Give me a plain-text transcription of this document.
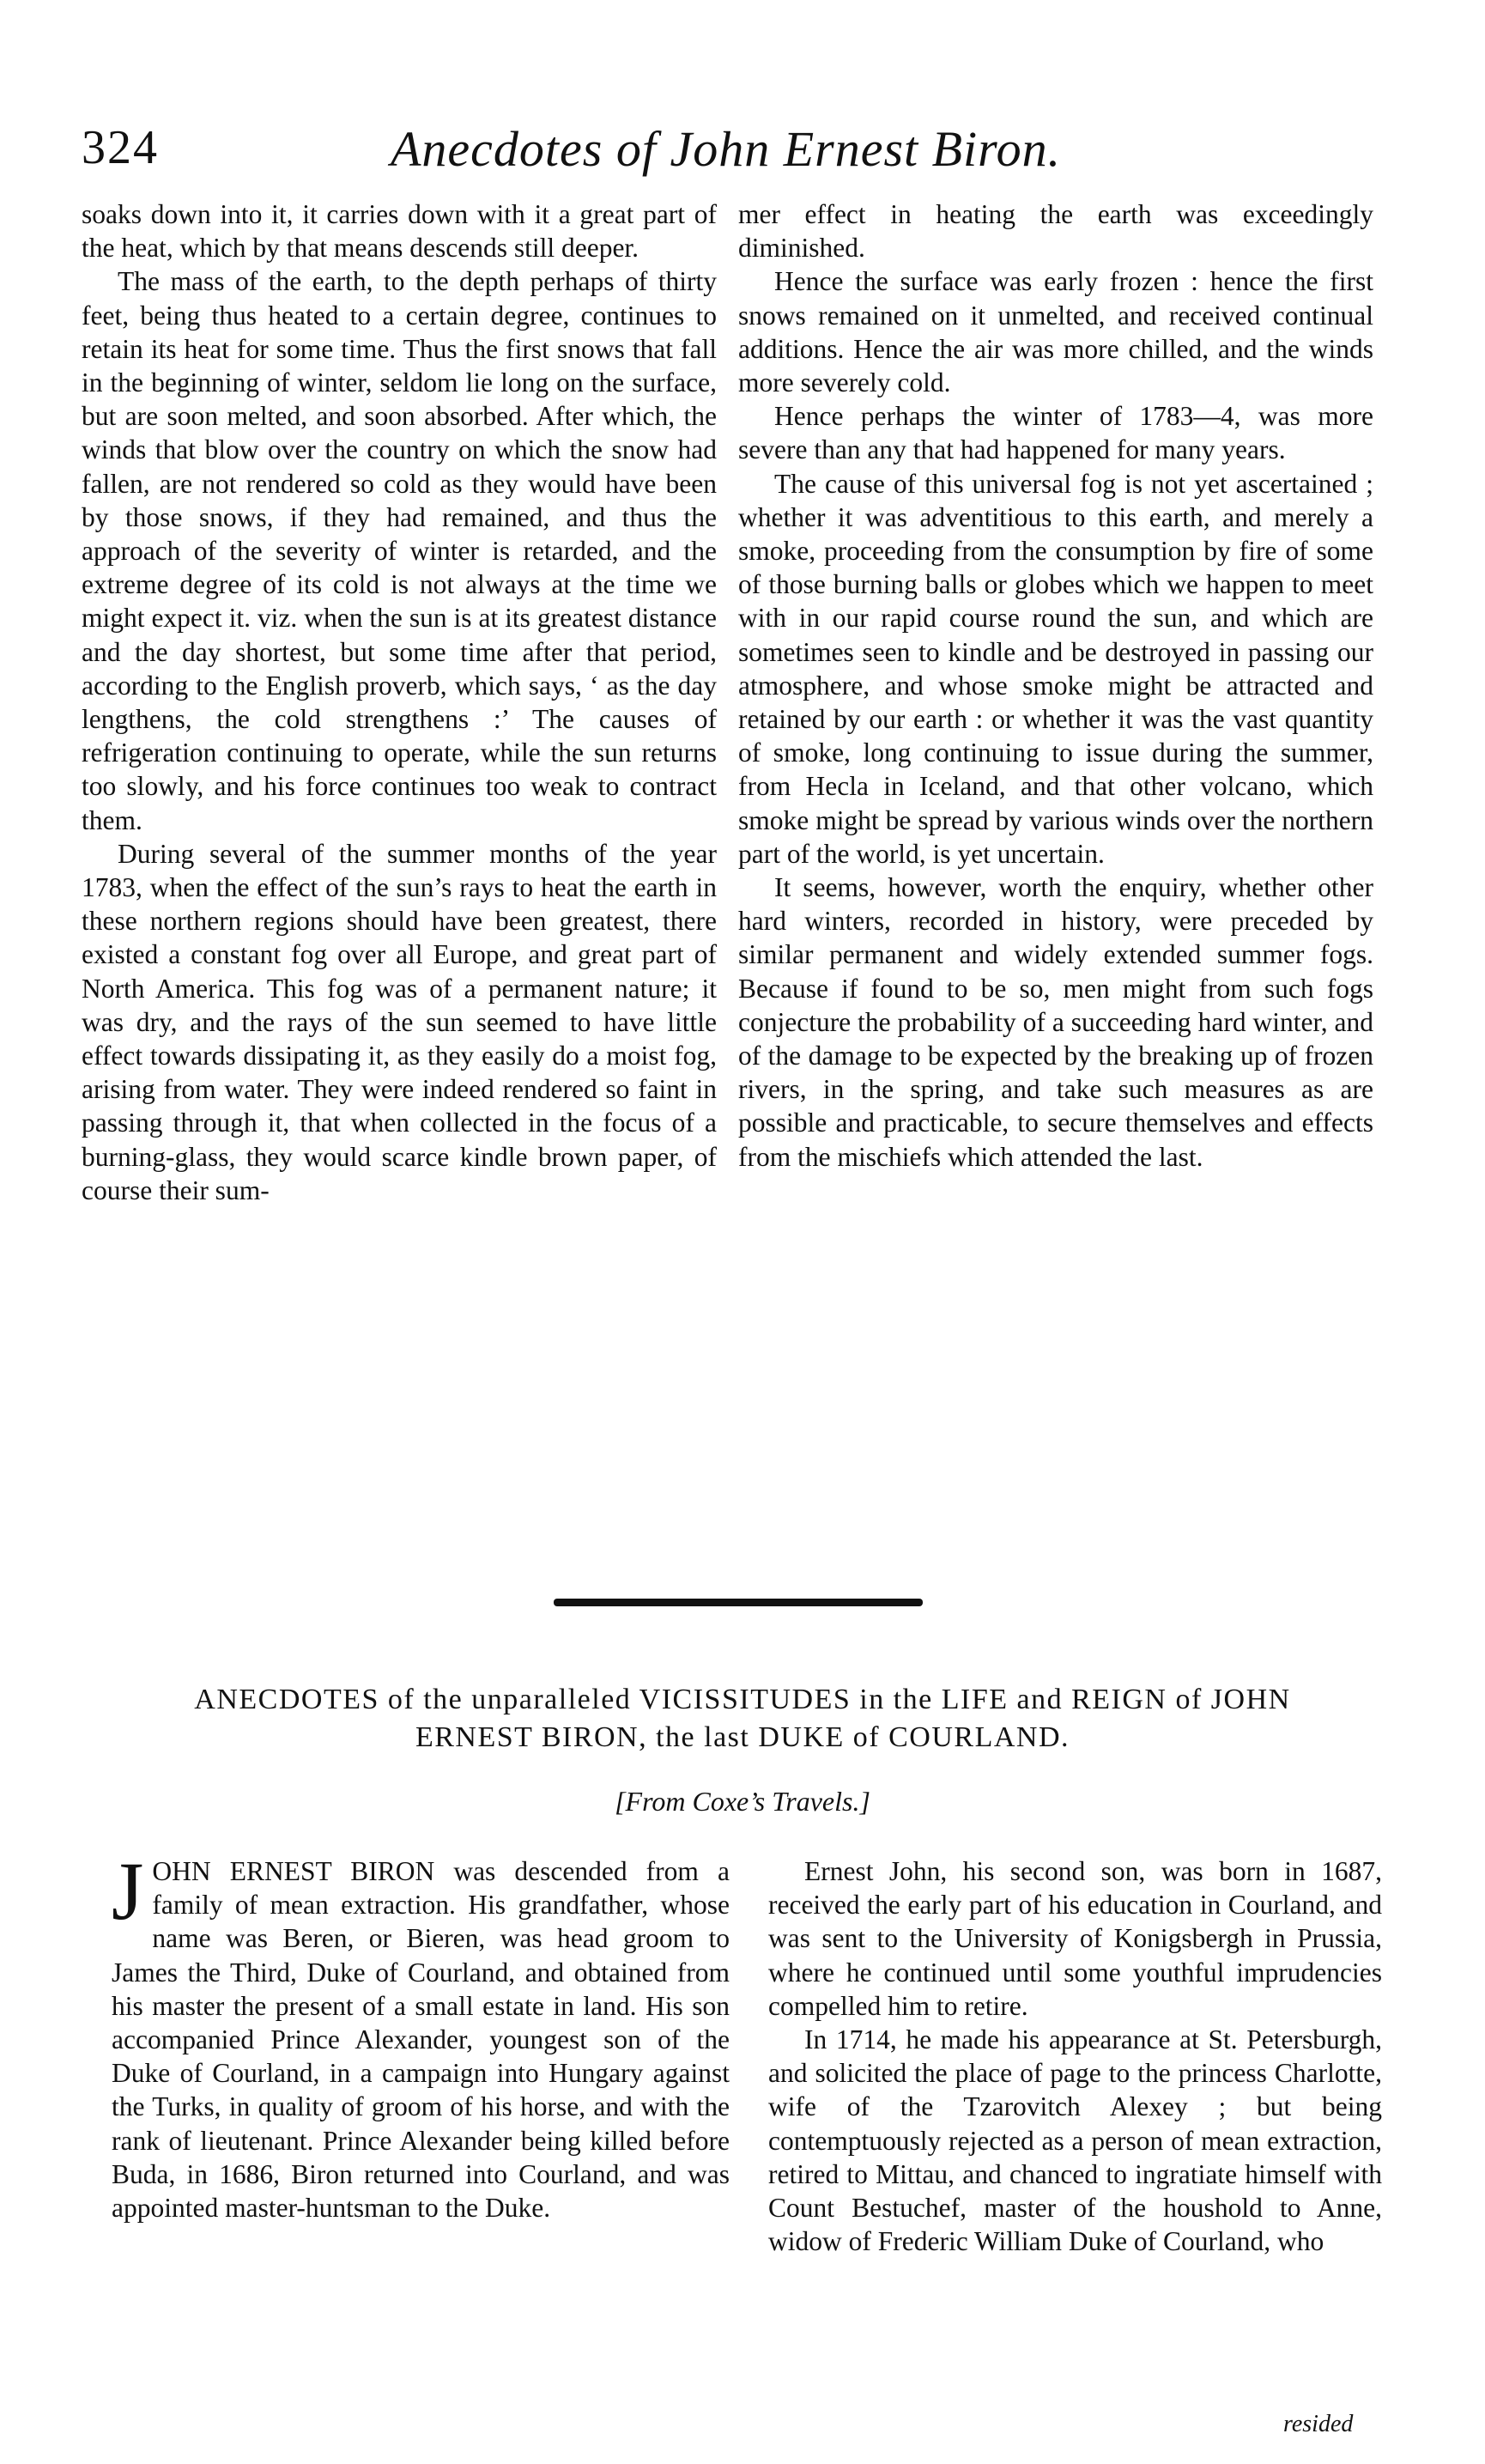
324	Anecdotes of John Ernest Biron.

soaks down into it, it carries down with it a great part of the heat, which by that means descends still deeper.

The mass of the earth, to the depth perhaps of thirty feet, being thus heated to a certain degree, continues to retain its heat for some time. Thus the first snows that fall in the beginning of winter, seldom lie long on the surface, but are soon melted, and soon absorbed. After which, the winds that blow over the country on which the snow had fallen, are not rendered so cold as they would have been by those snows, if they had remained, and thus the approach of the severity of winter is retarded, and the extreme degree of its cold is not always at the time we might expect it. viz. when the sun is at its greatest distance and the day shortest, but some time after that period, according to the English proverb, which says, ‘ as the day lengthens, the cold strengthens :’ The causes of refrigeration continuing to operate, while the sun returns too slowly, and his force continues too weak to contract them.

During several of the summer months of the year 1783, when the effect of the sun’s rays to heat the earth in these northern regions should have been greatest, there existed a constant fog over all Europe, and great part of North America. This fog was of a permanent nature; it was dry, and the rays of the sun seemed to have little effect towards dissipating it, as they easily do a moist fog, arising from water. They were indeed rendered so faint in passing through it, that when collected in the focus of a burning-glass, they would scarce kindle brown paper, of course their sum-

mer effect in heating the earth was exceedingly diminished.

Hence the surface was early frozen : hence the first snows remained on it unmelted, and received continual additions. Hence the air was more chilled, and the winds more severely cold.

Hence perhaps the winter of 1783—4, was more severe than any that had happened for many years.

The cause of this universal fog is not yet ascertained ; whether it was adventitious to this earth, and merely a smoke, proceeding from the consumption by fire of some of those burning balls or globes which we happen to meet with in our rapid course round the sun, and which are sometimes seen to kindle and be destroyed in passing our atmosphere, and whose smoke might be attracted and retained by our earth : or whether it was the vast quantity of smoke, long continuing to issue during the summer, from Hecla in Iceland, and that other volcano, which smoke might be spread by various winds over the northern part of the world, is yet uncertain.

It seems, however, worth the enquiry, whether other hard winters, recorded in history, were preceded by similar permanent and widely extended summer fogs. Because if found to be so, men might from such fogs conjecture the probability of a succeeding hard winter, and of the damage to be expected by the breaking up of frozen rivers, in the spring, and take such measures as are possible and practicable, to secure themselves and effects from the mischiefs which attended the last.

ANECDOTES of the unparalleled VICISSITUDES in the LIFE and REIGN of JOHN
ERNEST BIRON, the last DUKE of COURLAND.
[From Coxe’s Travels.]

JOHN ERNEST BIRON was descended from a family of mean extraction. His grandfather, whose name was Beren, or Bieren, was head groom to James the Third, Duke of Courland, and obtained from his master the present of a small estate in land. His son accompanied Prince Alexander, youngest son of the Duke of Courland, in a campaign into Hungary against the Turks, in quality of groom of his horse, and with the rank of lieutenant. Prince Alexander being killed before Buda, in 1686, Biron returned into Courland, and was appointed master-huntsman to the Duke.

Ernest John, his second son, was born in 1687, received the early part of his education in Courland, and was sent to the University of Konigsbergh in Prussia, where he continued until some youthful imprudencies compelled him to retire.

In 1714, he made his appearance at St. Petersburgh, and solicited the place of page to the princess Charlotte, wife of the Tzarovitch Alexey ; but being contemptuously rejected as a person of mean extraction, retired to Mittau, and chanced to ingratiate himself with Count Bestuchef, master of the houshold to Anne, widow of Frederic William Duke of Courland, who

resided
